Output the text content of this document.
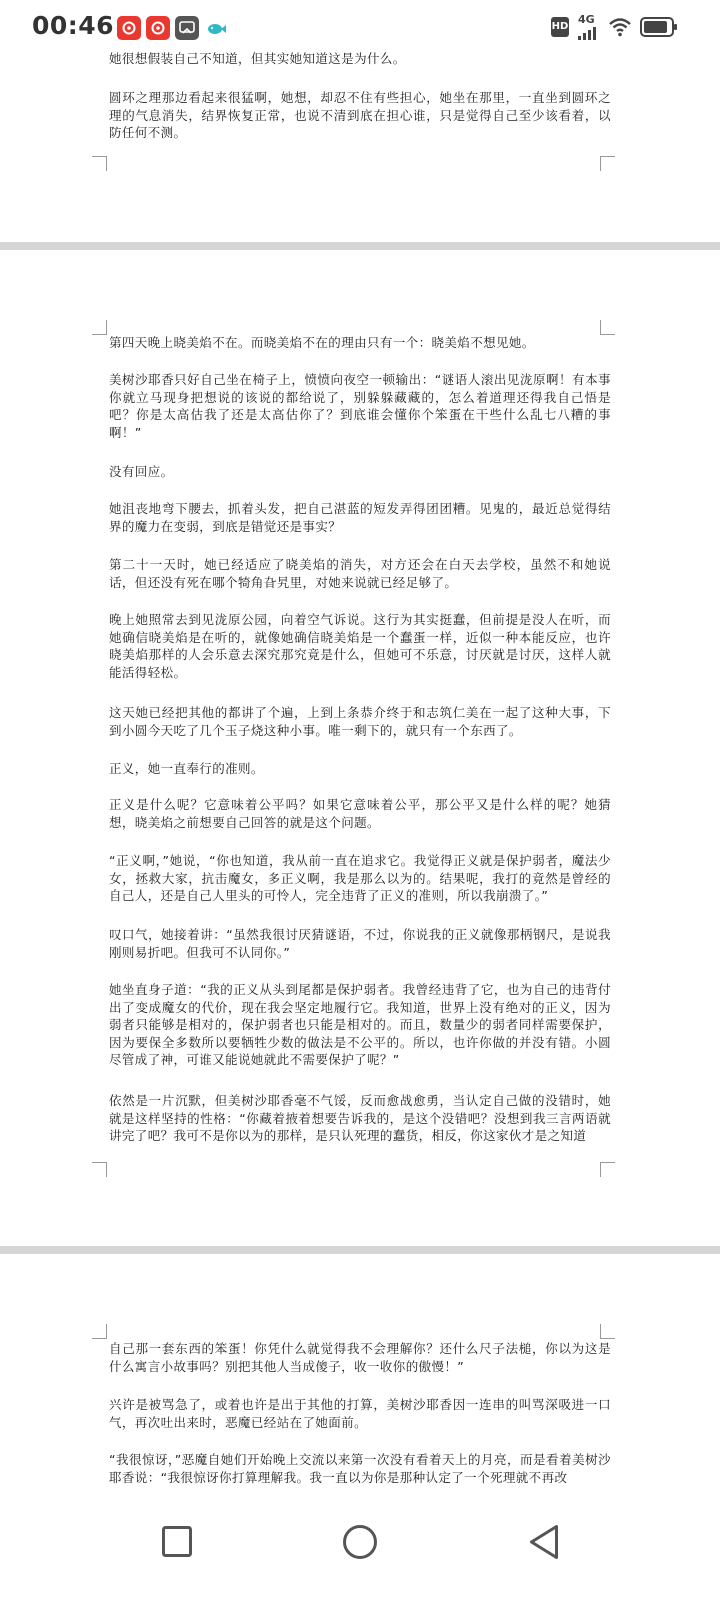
00:46	HD
4G

她很想假装自己不知道，但其实她知道这是为什么。

圆环之理那边看起来很猛啊，她想，却忍不住有些担心，她坐在那里，一直坐到圆环之理的气息消失，结界恢复正常，也说不清到底在担心谁，只是觉得自己至少该看着，以防任何不测。

第四天晚上晓美焰不在。而晓美焰不在的理由只有一个：晓美焰不想见她。

美树沙耶香只好自己坐在椅子上，愤愤向夜空一顿输出：“谜语人滚出见泷原啊！有本事你就立马现身把想说的该说的都给说了，别躲躲藏藏的，怎么着道理还得我自己悟是吧？你是太高估我了还是太高估你了？到底谁会懂你个笨蛋在干些什么乱七八糟的事啊！”

没有回应。

她沮丧地弯下腰去，抓着头发，把自己湛蓝的短发弄得团团糟。见鬼的，最近总觉得结界的魔力在变弱，到底是错觉还是事实？

第二十一天时，她已经适应了晓美焰的消失，对方还会在白天去学校，虽然不和她说话，但还没有死在哪个犄角旮旯里，对她来说就已经足够了。

晚上她照常去到见泷原公园，向着空气诉说。这行为其实挺蠢，但前提是没人在听，而她确信晓美焰是在听的，就像她确信晓美焰是一个蠢蛋一样，近似一种本能反应，也许晓美焰那样的人会乐意去深究那究竟是什么，但她可不乐意，讨厌就是讨厌，这样人就能活得轻松。

这天她已经把其他的都讲了个遍，上到上条恭介终于和志筑仁美在一起了这种大事，下到小圆今天吃了几个玉子烧这种小事。唯一剩下的，就只有一个东西了。

正义，她一直奉行的准则。

正义是什么呢？它意味着公平吗？如果它意味着公平，那公平又是什么样的呢？她猜想，晓美焰之前想要自己回答的就是这个问题。

“正义啊，”她说，“你也知道，我从前一直在追求它。我觉得正义就是保护弱者，魔法少女，拯救大家，抗击魔女，多正义啊，我是那么以为的。结果呢，我打的竟然是曾经的自己人，还是自己人里头的可怜人，完全违背了正义的准则，所以我崩溃了。”

叹口气，她接着讲：“虽然我很讨厌猜谜语，不过，你说我的正义就像那柄钢尺，是说我刚则易折吧。但我可不认同你。”

她坐直身子道：“我的正义从头到尾都是保护弱者。我曾经违背了它，也为自己的违背付出了变成魔女的代价，现在我会坚定地履行它。我知道，世界上没有绝对的正义，因为弱者只能够是相对的，保护弱者也只能是相对的。而且，数量少的弱者同样需要保护，因为要保全多数所以要牺牲少数的做法是不公平的。所以，也许你做的并没有错。小圆尽管成了神，可谁又能说她就此不需要保护了呢？”

依然是一片沉默，但美树沙耶香毫不气馁，反而愈战愈勇，当认定自己做的没错时，她就是这样坚持的性格：“你藏着掖着想要告诉我的，是这个没错吧？没想到我三言两语就讲完了吧？我可不是你以为的那样，是只认死理的蠢货，相反，你这家伙才是之知道

自己那一套东西的笨蛋！你凭什么就觉得我不会理解你？还什么尺子法槌，你以为这是什么寓言小故事吗？别把其他人当成傻子，收一收你的傲慢！”

兴许是被骂急了，或着也许是出于其他的打算，美树沙耶香因一连串的叫骂深吸进一口气，再次吐出来时，恶魔已经站在了她面前。

“我很惊讶，”恶魔自她们开始晚上交流以来第一次没有看着天上的月亮，而是看着美树沙耶香说：“我很惊讶你打算理解我。我一直以为你是那种认定了一个死理就不再改
